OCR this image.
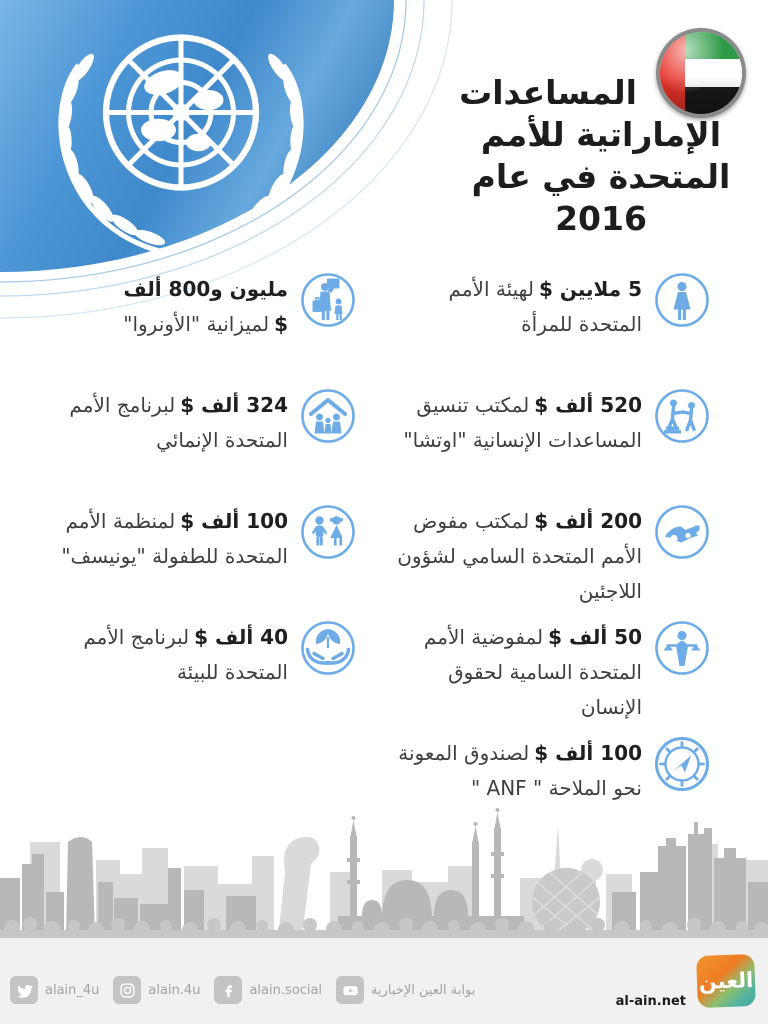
المساعدات
الإماراتية للأمم
المتحدة في عام
2016

5 ملايين $لهيئة الأمم المتحدة للمرأة

520 ألف $لمكتب تنسيق المساعدات الإنسانية "اوتشا"

200 ألف $لمكتب مفوض الأمم المتحدة السامي لشؤون اللاجئين

50 ألف $لمفوضية الأمم المتحدة السامية لحقوق الإنسان

100 ألف $لصندوق المعونة نحو الملاحة " ANF "

مليون و800 ألف $لميزانية "الأونروا"

324 ألف $لبرنامج الأمم المتحدة الإنمائي

100 ألف $لمنظمة الأمم المتحدة للطفولة "يونيسف"

40 ألف $لبرنامج الأمم المتحدة للبيئة

alain_4u	alain.4u	alain.social	بوابة العين الإخبارية
al-ain.net
العين
